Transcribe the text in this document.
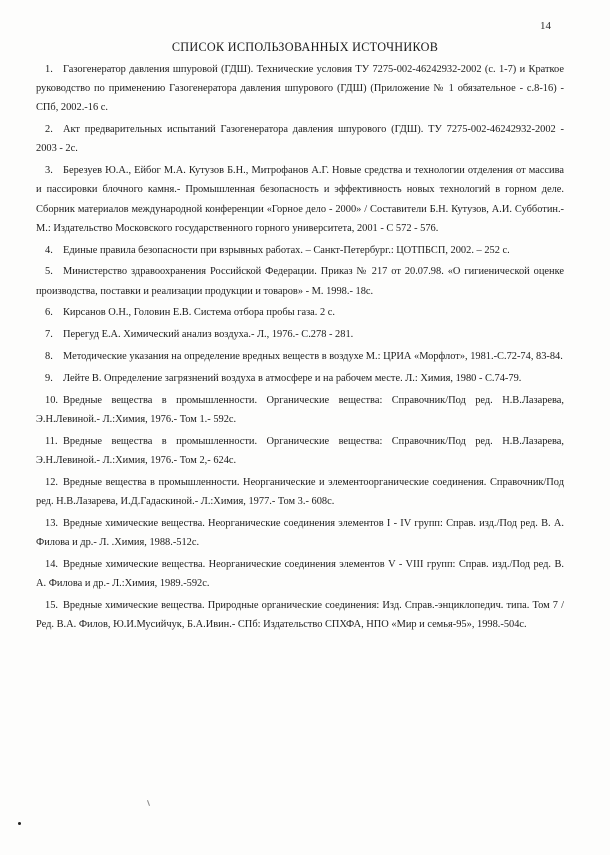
14
СПИСОК ИСПОЛЬЗОВАННЫХ ИСТОЧНИКОВ
1. Газогенератор давления шпуровой (ГДШ). Технические условия ТУ 7275-002-46242932-2002 (с. 1-7) и Краткое руководство по применению Газогенератора давления шпурового (ГДШ) (Приложение № 1 обязательное - с.8-16) - СПб, 2002.-16 с.
2. Акт предварительных испытаний Газогенератора давления шпурового (ГДШ). ТУ 7275-002-46242932-2002 - 2003 - 2с.
3. Березуев Ю.А., Ейбог М.А. Кутузов Б.Н., Митрофанов А.Г. Новые средства и технологии отделения от массива и пассировки блочного камня.- Промышленная безопасность и эффективность новых технологий в горном деле. Сборник материалов международной конференции «Горное дело - 2000» / Составители Б.Н. Кутузов, А.И. Субботин.- М.: Издательство Московского государственного горного университета, 2001 - С 572 - 576.
4. Единые правила безопасности при взрывных работах. – Санкт-Петербург.: ЦОТПБСП, 2002. – 252 с.
5. Министерство здравоохранения Российской Федерации. Приказ № 217 от 20.07.98. «О гигиенической оценке производства, поставки и реализации продукции и товаров» - М. 1998.- 18с.
6. Кирсанов О.Н., Головин Е.В. Система отбора пробы газа. 2 с.
7. Перегуд Е.А. Химический анализ воздуха.- Л., 1976.- С.278 - 281.
8. Методические указания на определение вредных веществ в воздухе М.: ЦРИА «Морфлот», 1981.-С.72-74, 83-84.
9. Лейте В. Определение загрязнений воздуха в атмосфере и на рабочем месте. Л.: Химия, 1980 - С.74-79.
10. Вредные вещества в промышленности. Органические вещества: Справочник/Под ред. Н.В.Лазарева, Э.Н.Левиной.- Л.:Химия, 1976.- Том 1.- 592с.
11. Вредные вещества в промышленности. Органические вещества: Справочник/Под ред. Н.В.Лазарева, Э.Н.Левиной.- Л.:Химия, 1976.- Том 2,- 624с.
12. Вредные вещества в промышленности. Неорганические и элементоорганические соединения. Справочник/Под ред. Н.В.Лазарева, И.Д.Гадаскиной.- Л.:Химия, 1977.- Том 3.- 608с.
13. Вредные химические вещества. Неорганические соединения элементов I - IV групп: Справ. изд./Под ред. В. А. Филова и др.- Л. .Химия, 1988.-512с.
14. Вредные химические вещества. Неорганические соединения элементов V - VIII групп: Справ. изд./Под ред. В. А. Филова и др.- Л.:Химия, 1989.-592с.
15. Вредные химические вещества. Природные органические соединения: Изд. Справ.-энциклопедич. типа. Том 7 /Ред. В.А. Филов, Ю.И.Мусийчук, Б.А.Ивин.- СПб: Издательство СПХФА, НПО «Мир и семья-95», 1998.-504с.
